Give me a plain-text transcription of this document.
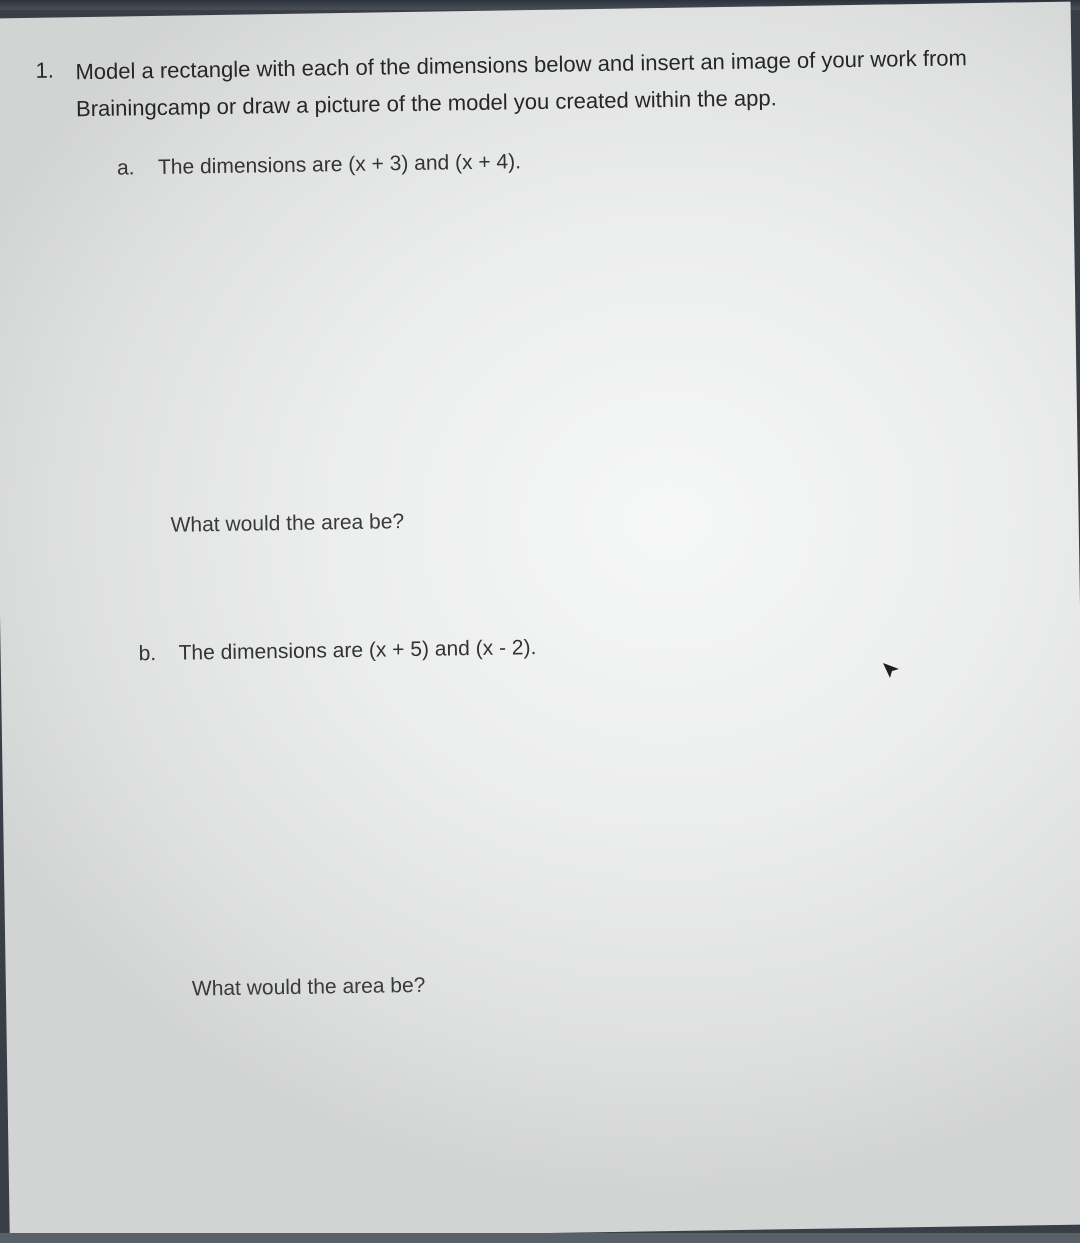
1. Model a rectangle with each of the dimensions below and insert an image of your work from Brainingcamp or draw a picture of the model you created within the app.
a. The dimensions are (x + 3) and (x + 4).
What would the area be?
b. The dimensions are (x + 5) and (x - 2).
What would the area be?
